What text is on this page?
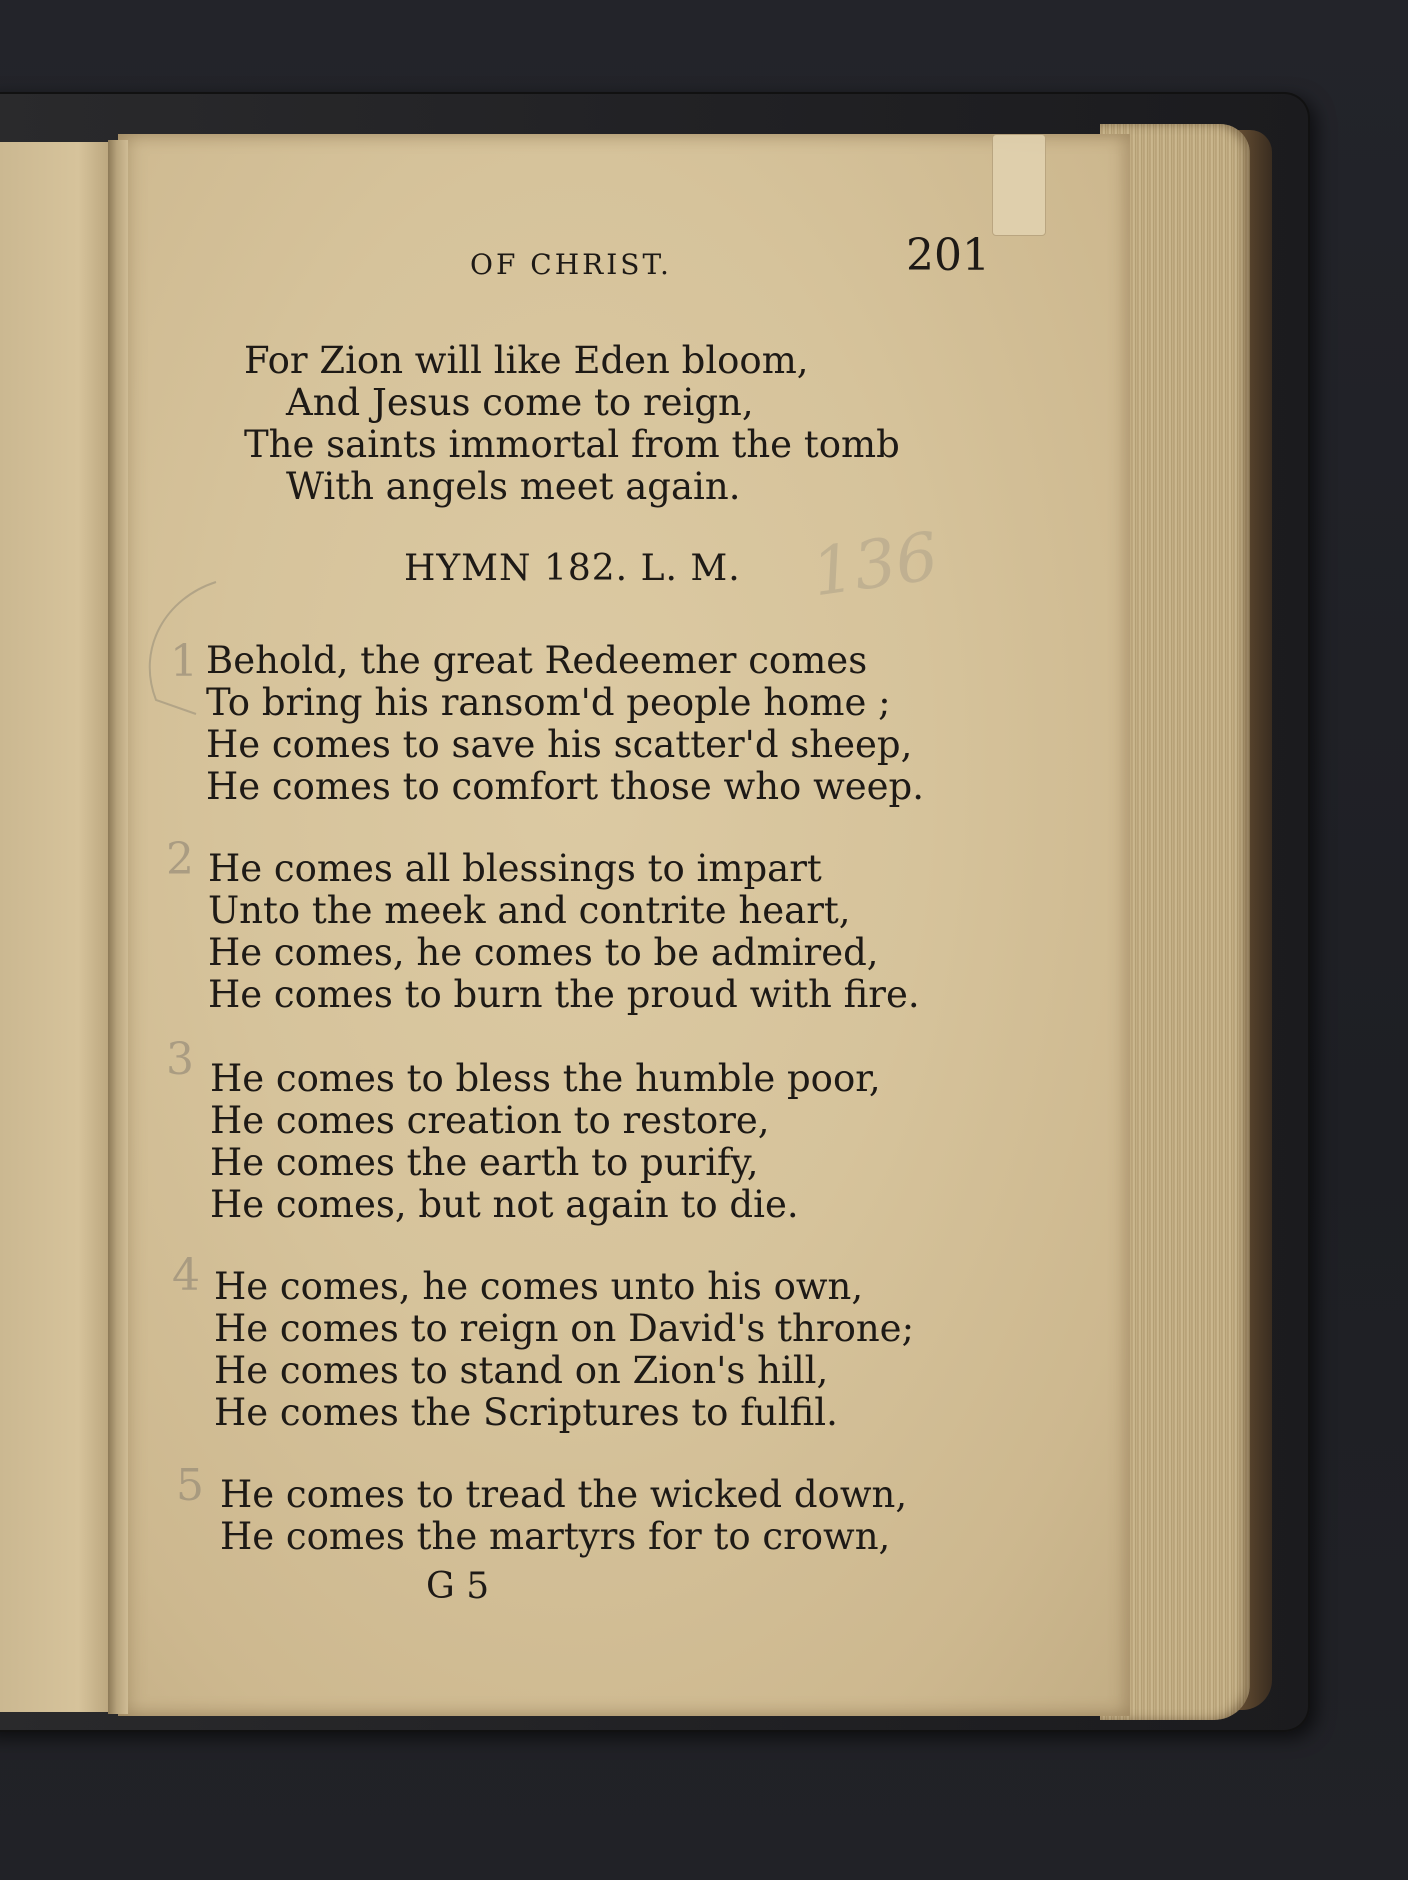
OF CHRIST.	201

For Zion will like Eden bloom,

And Jesus come to reign,

The saints immortal from the tomb

With angels meet again.

HYMN 182. L. M. 136
1 Behold, the great Redeemer comes

To bring his ransom'd people home ;

He comes to save his scatter'd sheep,

He comes to comfort those who weep.

2 He comes all blessings to impart

Unto the meek and contrite heart,

He comes, he comes to be admired,

He comes to burn the proud with fire.

3 He comes to bless the humble poor,

He comes creation to restore,

He comes the earth to purify,

He comes, but not again to die.

4 He comes, he comes unto his own,

He comes to reign on David's throne;

He comes to stand on Zion's hill,

He comes the Scriptures to fulfil.

5 He comes to tread the wicked down,

He comes the martyrs for to crown,

G 5
